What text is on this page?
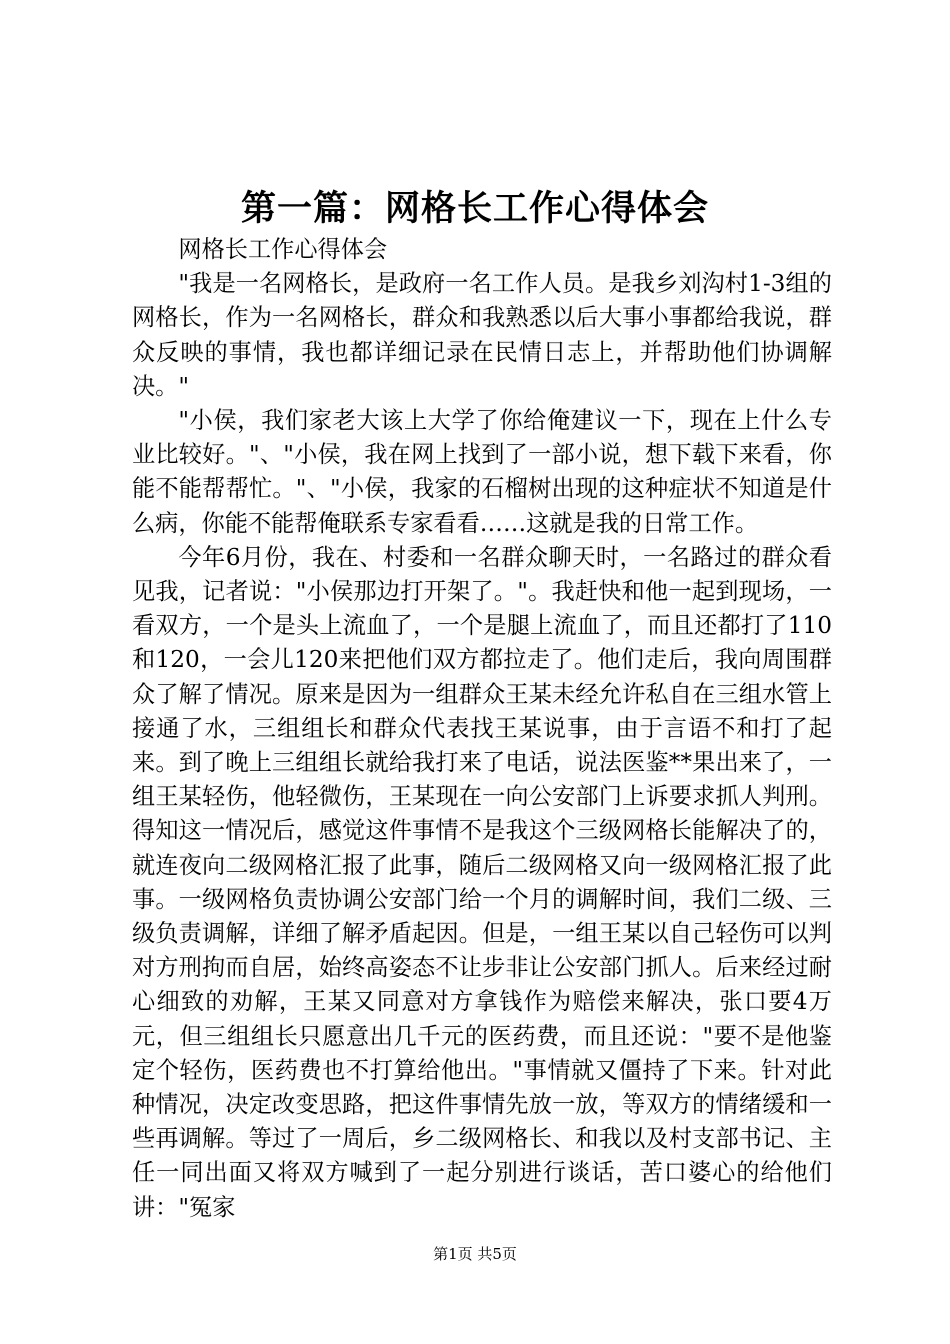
第一篇：网格长工作心得体会

网格长工作心得体会

"我是一名网格长，是政府一名工作人员。是我乡刘沟村1-3组的网格长，作为一名网格长，群众和我熟悉以后大事小事都给我说，群众反映的事情，我也都详细记录在民情日志上，并帮助他们协调解决。"

"小侯，我们家老大该上大学了你给俺建议一下，现在上什么专业比较好。"、"小侯，我在网上找到了一部小说，想下载下来看，你能不能帮帮忙。"、"小侯，我家的石榴树出现的这种症状不知道是什么病，你能不能帮俺联系专家看看……这就是我的日常工作。

今年6月份，我在、村委和一名群众聊天时，一名路过的群众看见我，记者说："小侯那边打开架了。"。我赶快和他一起到现场，一看双方，一个是头上流血了，一个是腿上流血了，而且还都打了110和120，一会儿120来把他们双方都拉走了。他们走后，我向周围群众了解了情况。原来是因为一组群众王某未经允许私自在三组水管上接通了水，三组组长和群众代表找王某说事，由于言语不和打了起来。到了晚上三组组长就给我打来了电话，说法医鉴**果出来了，一组王某轻伤，他轻微伤，王某现在一向公安部门上诉要求抓人判刑。得知这一情况后，感觉这件事情不是我这个三级网格长能解决了的，就连夜向二级网格汇报了此事，随后二级网格又向一级网格汇报了此事。一级网格负责协调公安部门给一个月的调解时间，我们二级、三级负责调解，详细了解矛盾起因。但是，一组王某以自己轻伤可以判对方刑拘而自居，始终高姿态不让步非让公安部门抓人。后来经过耐心细致的劝解，王某又同意对方拿钱作为赔偿来解决，张口要4万元，但三组组长只愿意出几千元的医药费，而且还说："要不是他鉴定个轻伤，医药费也不打算给他出。"事情就又僵持了下来。针对此种情况，决定改变思路，把这件事情先放一放，等双方的情绪缓和一些再调解。等过了一周后，乡二级网格长、和我以及村支部书记、主任一同出面又将双方喊到了一起分别进行谈话，苦口婆心的给他们讲："冤家

第1页 共5页
